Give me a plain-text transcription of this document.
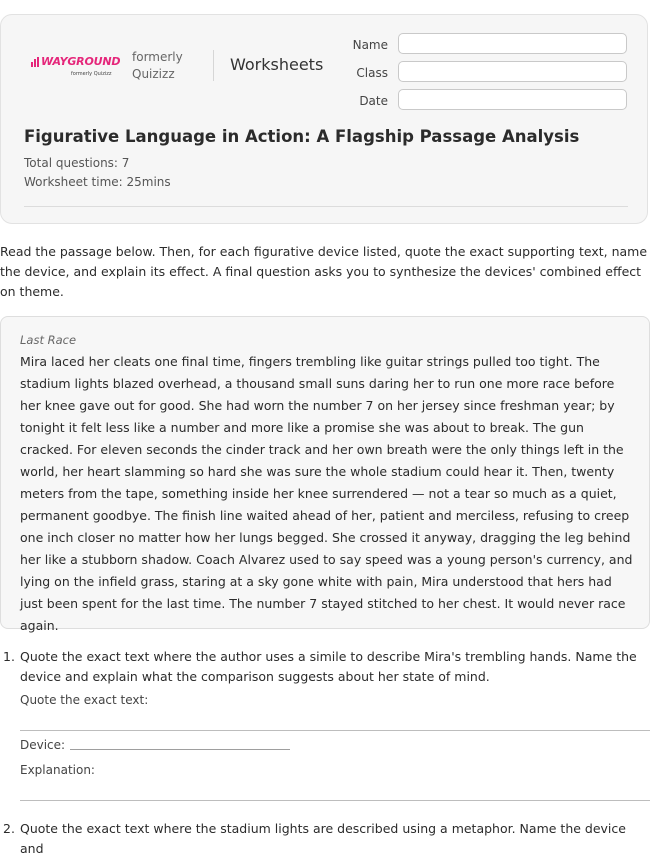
WAYGROUND
formerly Quizizz
formerly Quizizz	Worksheets
Name
Class
Date
Figurative Language in Action: A Flagship Passage Analysis
Total questions: 7
Worksheet time: 25mins
Read the passage below. Then, for each figurative device listed, quote the exact supporting text, name the device, and explain its effect. A final question asks you to synthesize the devices' combined effect on theme.
Last Race
Mira laced her cleats one final time, fingers trembling like guitar strings pulled too tight. The stadium lights blazed overhead, a thousand small suns daring her to run one more race before her knee gave out for good. She had worn the number 7 on her jersey since freshman year; by tonight it felt less like a number and more like a promise she was about to break. The gun cracked. For eleven seconds the cinder track and her own breath were the only things left in the world, her heart slamming so hard she was sure the whole stadium could hear it. Then, twenty meters from the tape, something inside her knee surrendered — not a tear so much as a quiet, permanent goodbye. The finish line waited ahead of her, patient and merciless, refusing to creep one inch closer no matter how her lungs begged. She crossed it anyway, dragging the leg behind her like a stubborn shadow. Coach Alvarez used to say speed was a young person's currency, and lying on the infield grass, staring at a sky gone white with pain, Mira understood that hers had just been spent for the last time. The number 7 stayed stitched to her chest. It would never race again.
1. Quote the exact text where the author uses a simile to describe Mira's trembling hands. Name the device and explain what the comparison suggests about her state of mind.
Quote the exact text:
Device:
Explanation:
2. Quote the exact text where the stadium lights are described using a metaphor. Name the device and
